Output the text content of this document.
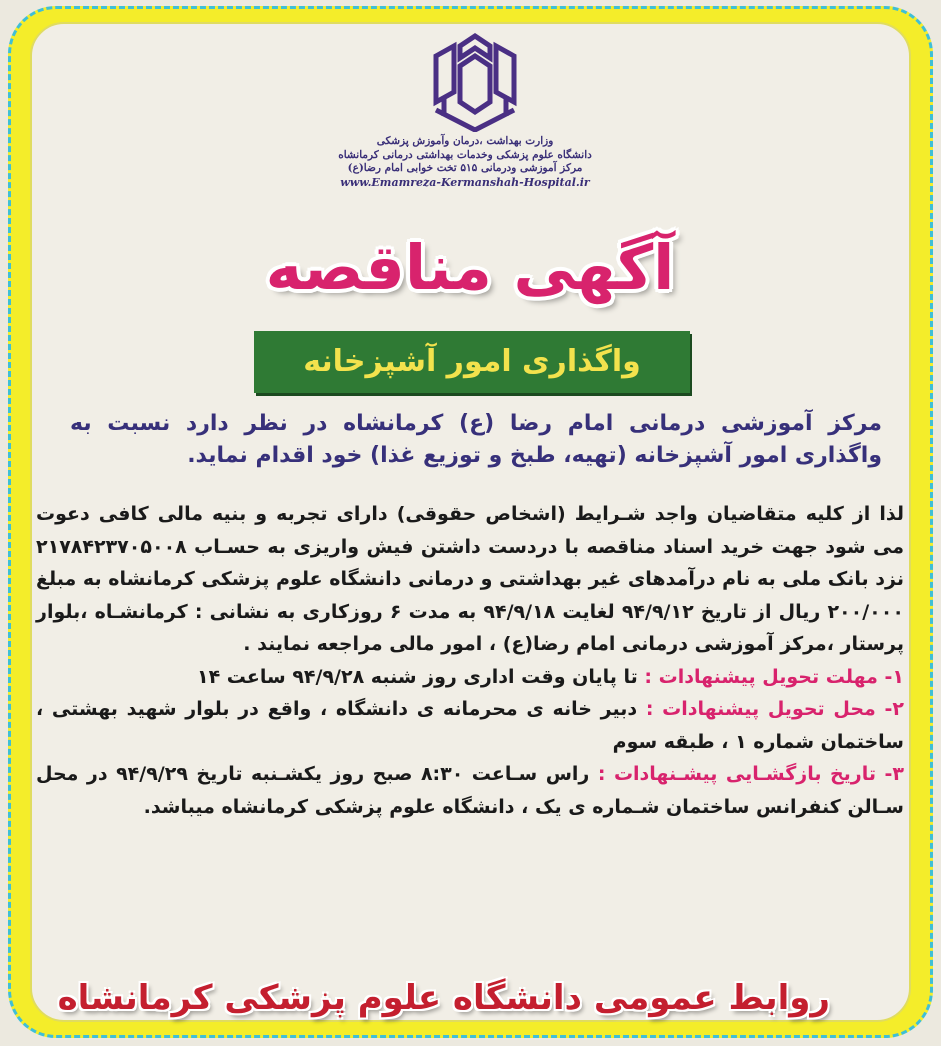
وزارت بهداشت ،درمان وآموزش پزشکی
دانشگاه علوم پزشکی وخدمات بهداشتی درمانی کرمانشاه
مرکز آموزشی ودرمانی ۵۱۵ تخت خوابی امام رضا(ع)
www.Emamreza-Kermanshah-Hospital.ir
آگهی مناقصه
واگذاری امور آشپزخانه
مرکز آموزشی درمانی امام رضا (ع) کرمانشاه در نظر دارد نسبت به واگذاری امور آشپزخانه (تهیه، طبخ و توزیع غذا) خود اقدام نماید.

لذا از کلیه متقاضیان واجد شـرایط (اشخاص حقوقی) دارای تجربه و بنیه مالی کافی دعوت می شود جهت خرید اسناد مناقصه با دردست داشتن فیش واریزی به حسـاب ۲۱۷۸۴۲۳۷۰۵۰۰۸ نزد بانک ملی به نام درآمدهای غیر بهداشتی و درمانی دانشگاه علوم پزشکی کرمانشاه به مبلغ ۲۰۰/۰۰۰ ریال از تاریخ ۹۴/۹/۱۲ لغایت ۹۴/۹/۱۸ به مدت ۶ روزکاری به نشانی : کرمانشـاه ،بلوار پرستار ،مرکز آموزشی درمانی امام رضا(ع) ، امور مالی مراجعه نمایند .

۱- مهلت تحویل پیشنهادات : تا پایان وقت اداری روز شنبه ۹۴/۹/۲۸ ساعت ۱۴

۲- محل تحویل پیشنهادات : دبیر خانه ی محرمانه ی دانشگاه ، واقع در بلوار شهید بهشتی ، ساختمان شماره ۱ ، طبقه سوم

۳- تاریخ بازگشـایی پیشـنهادات : راس سـاعت ۸:۳۰ صبح روز یکشـنبه تاریخ ۹۴/۹/۲۹ در محل سـالن کنفرانس ساختمان شـماره ی یک ، دانشگاه علوم پزشکی کرمانشاه میباشد.

روابط عمومی دانشگاه علوم پزشکی کرمانشاه
